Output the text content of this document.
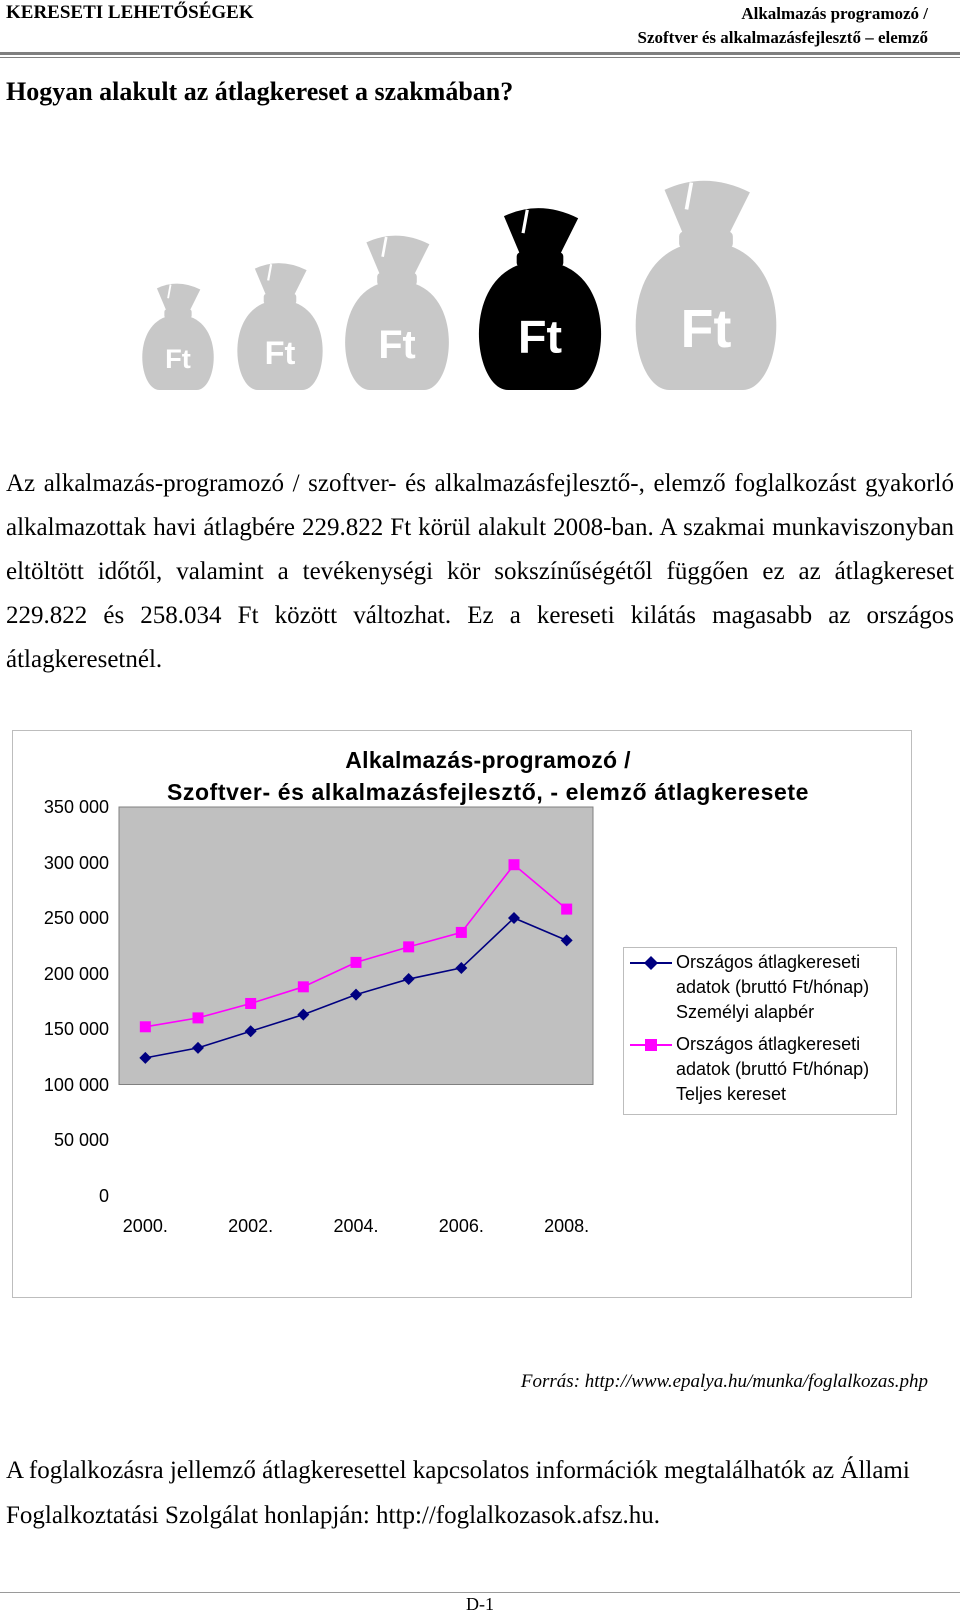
KERESETI LEHETŐSÉGEK	Alkalmazás programozó /
Szoftver és alkalmazásfejlesztő – elemző
Hogyan alakult az átlagkereset a szakmában?
Ft Ft Ft Ft Ft
Az alkalmazás-programozó / szoftver- és alkalmazásfejlesztő-, elemző foglalkozást gyakorló alkalmazottak havi átlagbére 229.822 Ft körül alakult 2008-ban. A szakmai munkaviszonyban eltöltött időtől, valamint a tevékenységi kör sokszínűségétől függően ez az átlagkereset 229.822 és 258.034 Ft között változhat. Ez a kereseti kilátás magasabb az országos átlagkeresetnél.
Alkalmazás-programozó /
Szoftver- és alkalmazásfejlesztő, - elemző átlagkeresete
Országos átlagkereseti
adatok (bruttó Ft/hónap)
Személyi alapbér
Országos átlagkereseti
adatok (bruttó Ft/hónap)
Teljes kereset
350 000
300 000
250 000
200 000
150 000
100 000
50 000
0
2000.	2002.	2004.	2006.	2008.
Forrás: http://www.epalya.hu/munka/foglalkozas.php
A foglalkozásra jellemző átlagkeresettel kapcsolatos információk megtalálhatók az Állami Foglalkoztatási Szolgálat honlapján: http://foglalkozasok.afsz.hu.
D-1
